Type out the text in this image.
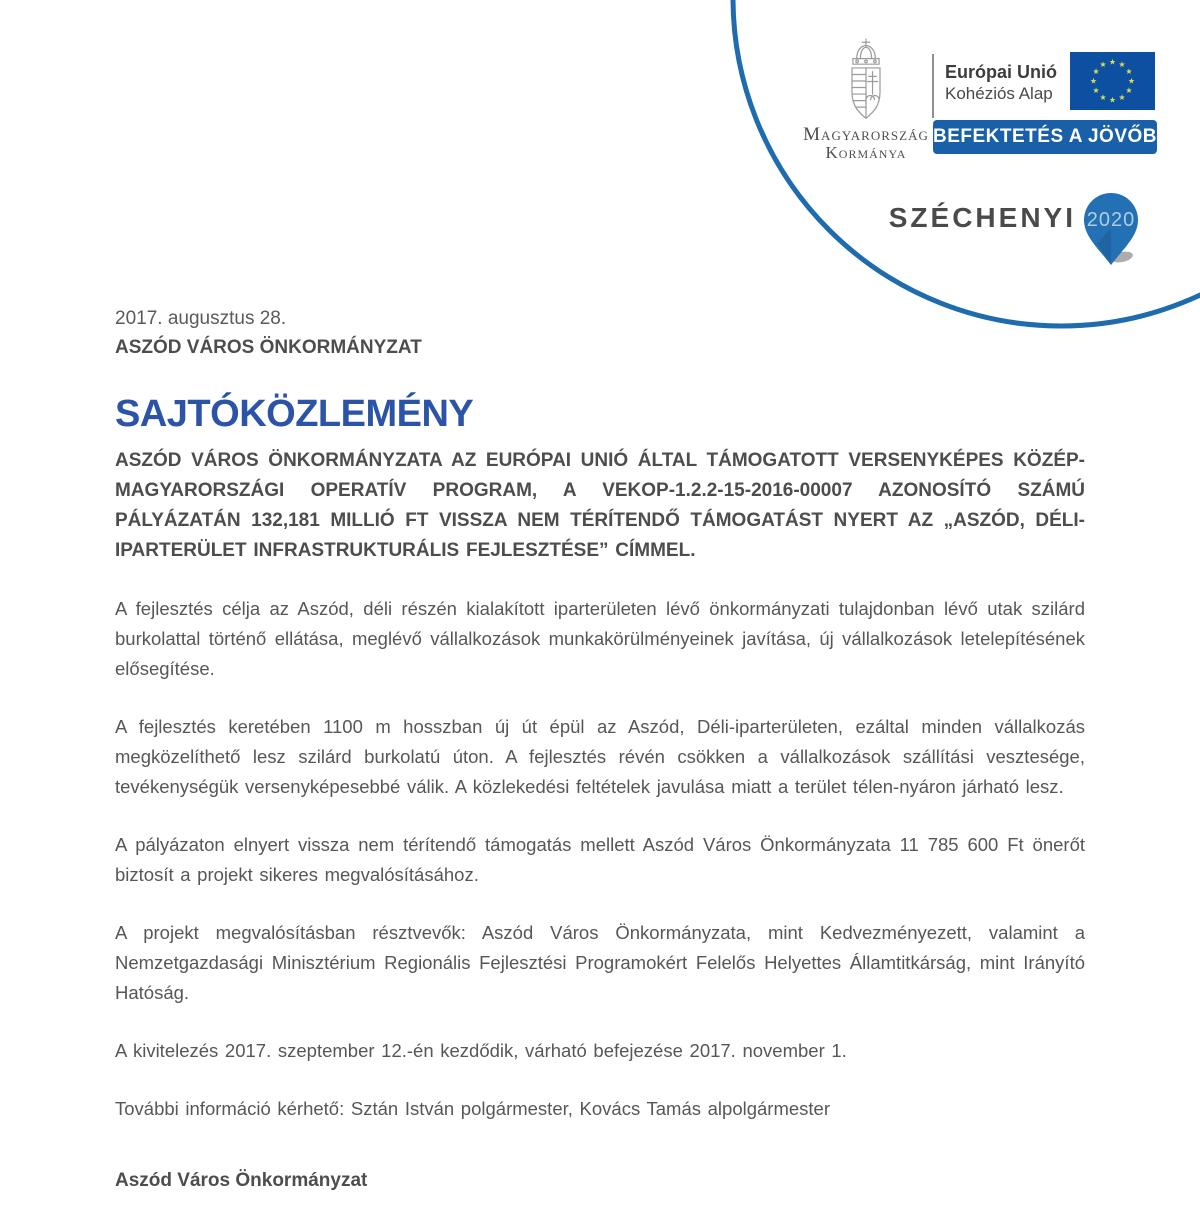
Magyarország
Kormánya
Európai Unió
Kohéziós Alap
BEFEKTETÉS A JÖVŐBE
SZÉCHENYI 2020

2017. augusztus 28.

ASZÓD VÁROS ÖNKORMÁNYZAT

SAJTÓKÖZLEMÉNY

ASZÓD VÁROS ÖNKORMÁNYZATA AZ EURÓPAI UNIÓ ÁLTAL TÁMOGATOTT VERSENYKÉPES KÖZÉP-MAGYARORSZÁGI OPERATÍV PROGRAM, A VEKOP-1.2.2-15-2016-00007 AZONOSÍTÓ SZÁMÚ PÁLYÁZATÁN 132,181 MILLIÓ FT VISSZA NEM TÉRÍTENDŐ TÁMOGATÁST NYERT AZ „ASZÓD, DÉLI-IPARTERÜLET INFRASTRUKTURÁLIS FEJLESZTÉSE” CÍMMEL.

A fejlesztés célja az Aszód, déli részén kialakított iparterületen lévő önkormányzati tulajdonban lévő utak szilárd burkolattal történő ellátása, meglévő vállalkozások munkakörülményeinek javítása, új vállalkozások letelepítésének elősegítése.

A fejlesztés keretében 1100 m hosszban új út épül az Aszód, Déli-iparterületen, ezáltal minden vállalkozás megközelíthető lesz szilárd burkolatú úton. A fejlesztés révén csökken a vállalkozások szállítási vesztesége, tevékenységük versenyképesebbé válik. A közlekedési feltételek javulása miatt a terület télen-nyáron járható lesz.

A pályázaton elnyert vissza nem térítendő támogatás mellett Aszód Város Önkormányzata 11 785 600 Ft önerőt biztosít a projekt sikeres megvalósításához.

A projekt megvalósításban résztvevők: Aszód Város Önkormányzata, mint Kedvezményezett, valamint a Nemzetgazdasági Minisztérium Regionális Fejlesztési Programokért Felelős Helyettes Államtitkárság, mint Irányító Hatóság.

A kivitelezés 2017. szeptember 12.-én kezdődik, várható befejezése 2017. november 1.

További információ kérhető: Sztán István polgármester, Kovács Tamás alpolgármester

Aszód Város Önkormányzat
